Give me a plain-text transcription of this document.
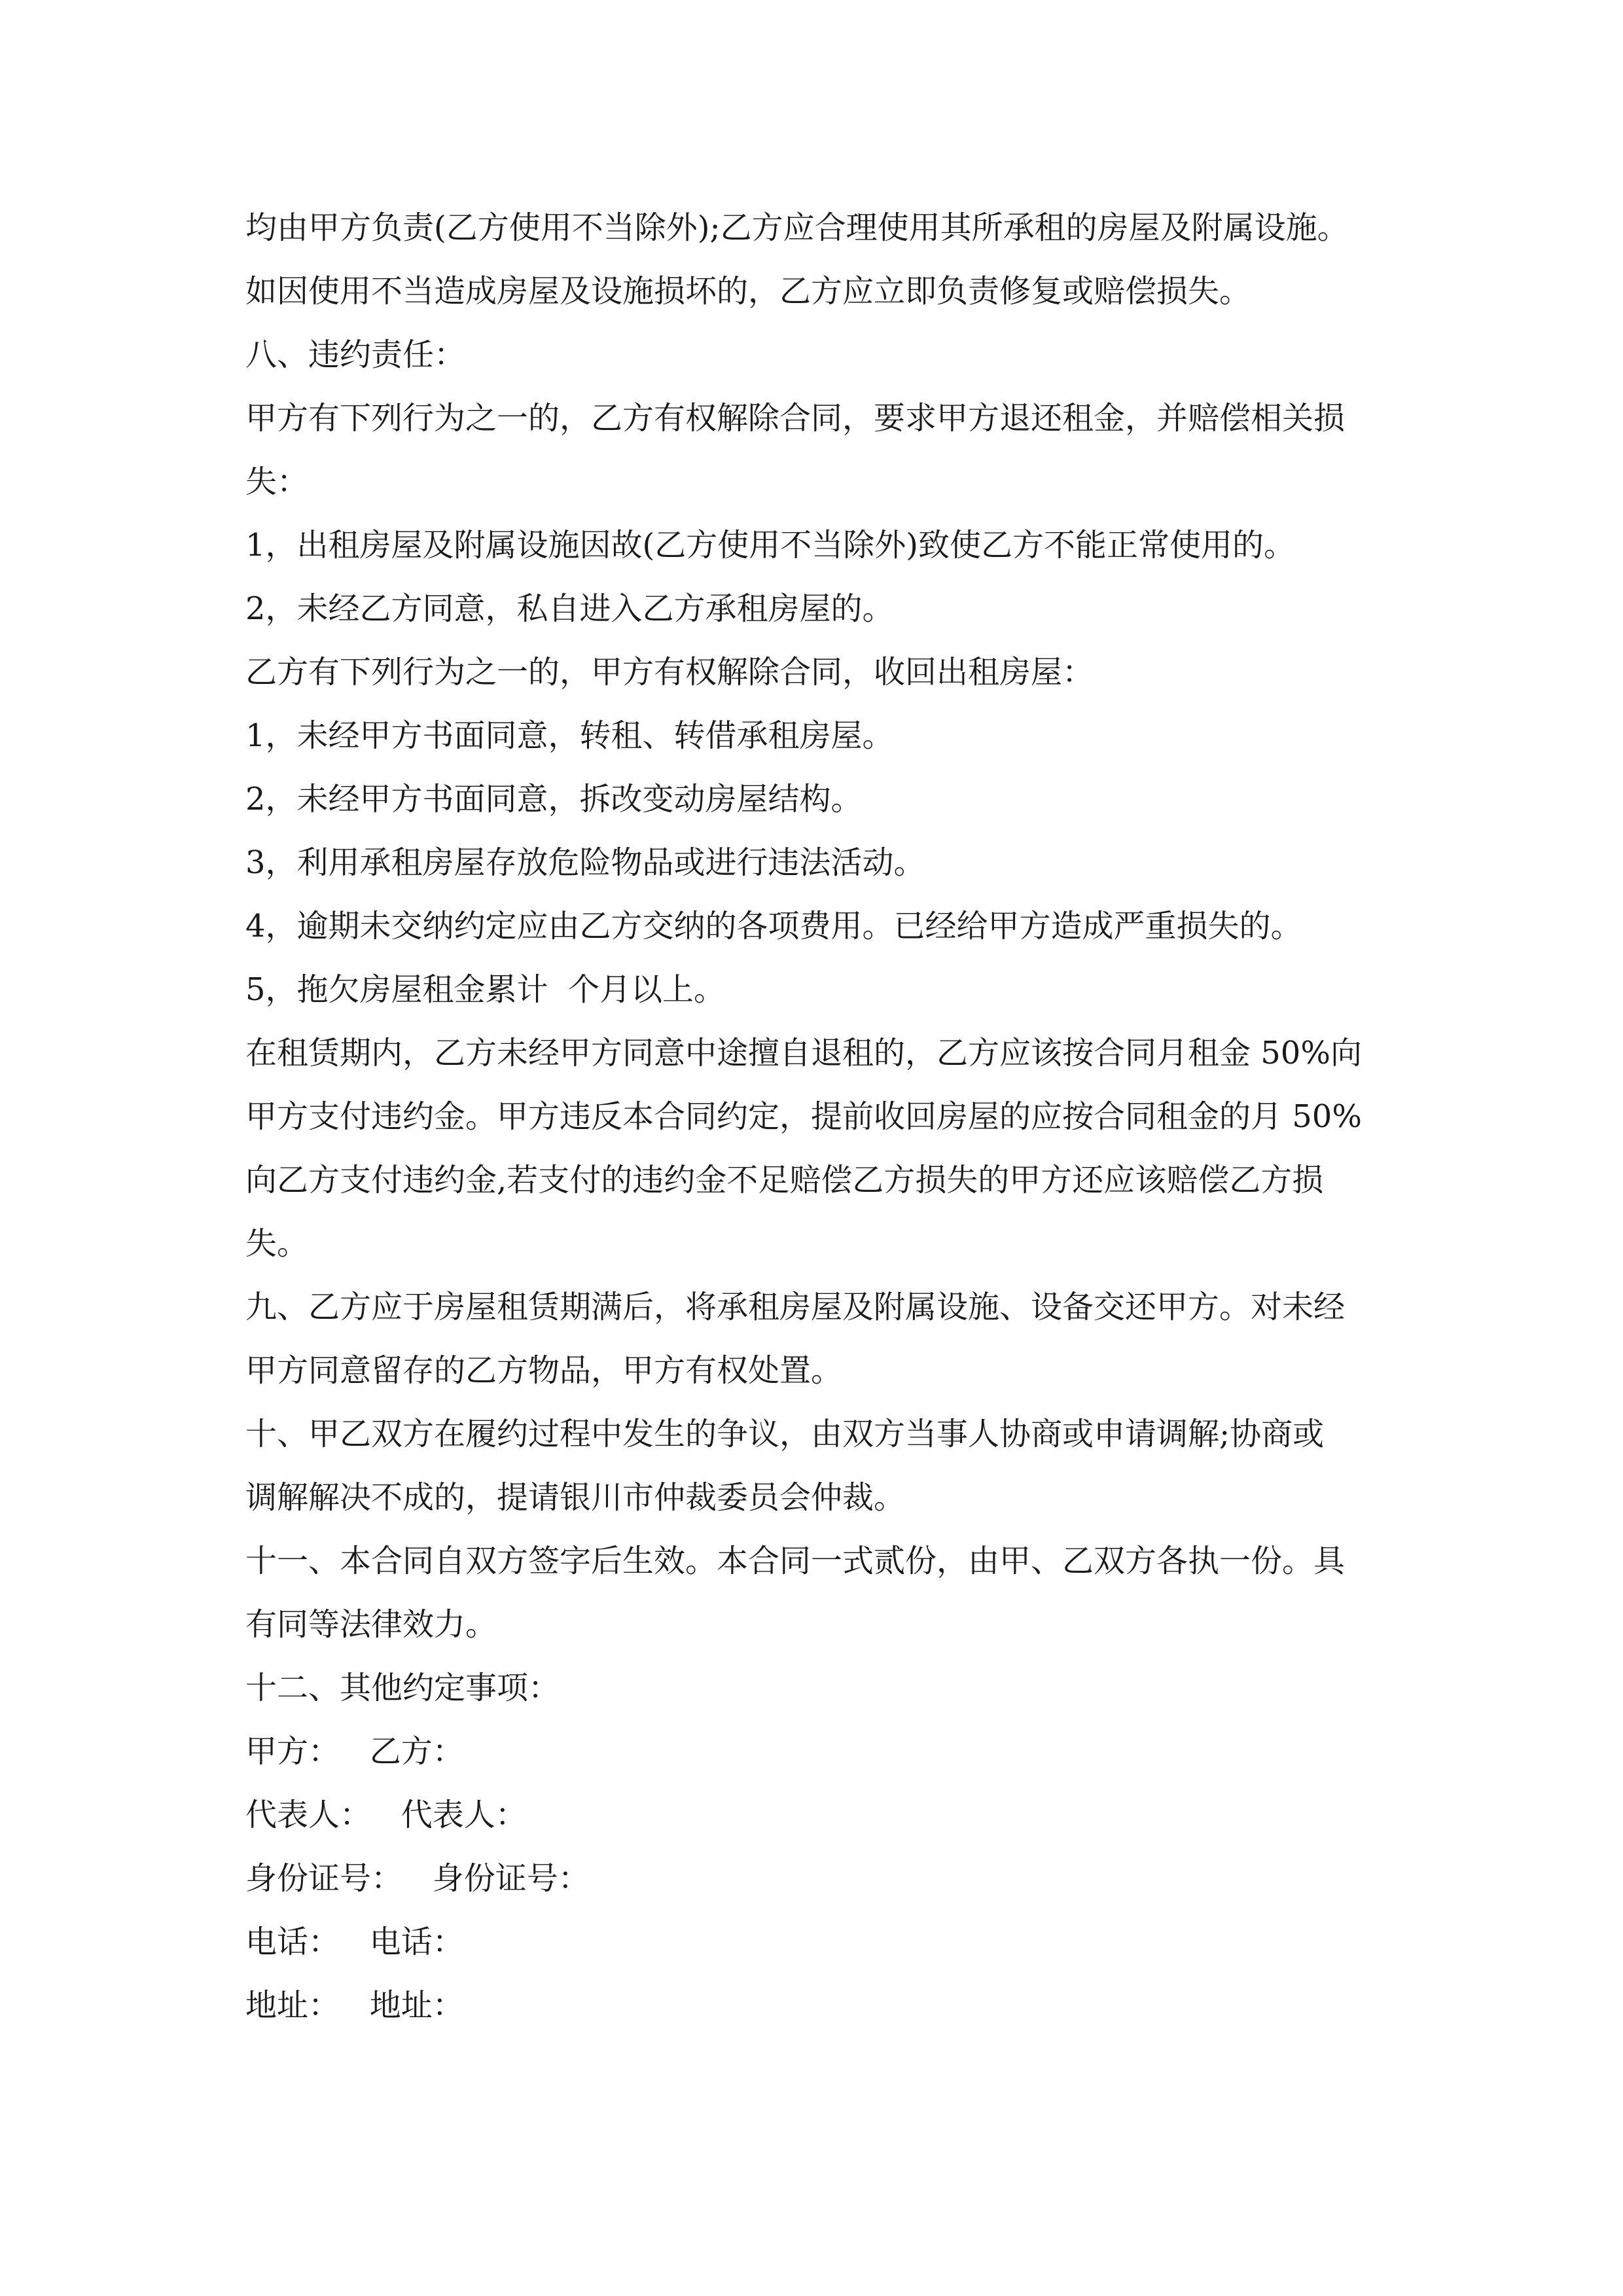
均由甲方负责(乙方使用不当除外);乙方应合理使用其所承租的房屋及附属设施。
如因使用不当造成房屋及设施损坏的，乙方应立即负责修复或赔偿损失。
八、违约责任：
甲方有下列行为之一的，乙方有权解除合同，要求甲方退还租金，并赔偿相关损
失：
1，出租房屋及附属设施因故(乙方使用不当除外)致使乙方不能正常使用的。
2，未经乙方同意，私自进入乙方承租房屋的。
乙方有下列行为之一的，甲方有权解除合同，收回出租房屋：
1，未经甲方书面同意，转租、转借承租房屋。
2，未经甲方书面同意，拆改变动房屋结构。
3，利用承租房屋存放危险物品或进行违法活动。
4，逾期未交纳约定应由乙方交纳的各项费用。已经给甲方造成严重损失的。
5，拖欠房屋租金累计  个月以上。
在租赁期内，乙方未经甲方同意中途擅自退租的，乙方应该按合同月租金 50%向
甲方支付违约金。甲方违反本合同约定，提前收回房屋的应按合同租金的月 50%
向乙方支付违约金,若支付的违约金不足赔偿乙方损失的甲方还应该赔偿乙方损
失。
九、乙方应于房屋租赁期满后，将承租房屋及附属设施、设备交还甲方。对未经
甲方同意留存的乙方物品，甲方有权处置。
十、甲乙双方在履约过程中发生的争议，由双方当事人协商或申请调解;协商或
调解解决不成的，提请银川市仲裁委员会仲裁。
十一、本合同自双方签字后生效。本合同一式贰份，由甲、乙双方各执一份。具
有同等法律效力。
十二、其他约定事项：
甲方：   乙方：
代表人：   代表人：
身份证号：   身份证号：
电话：   电话：
地址：   地址：
